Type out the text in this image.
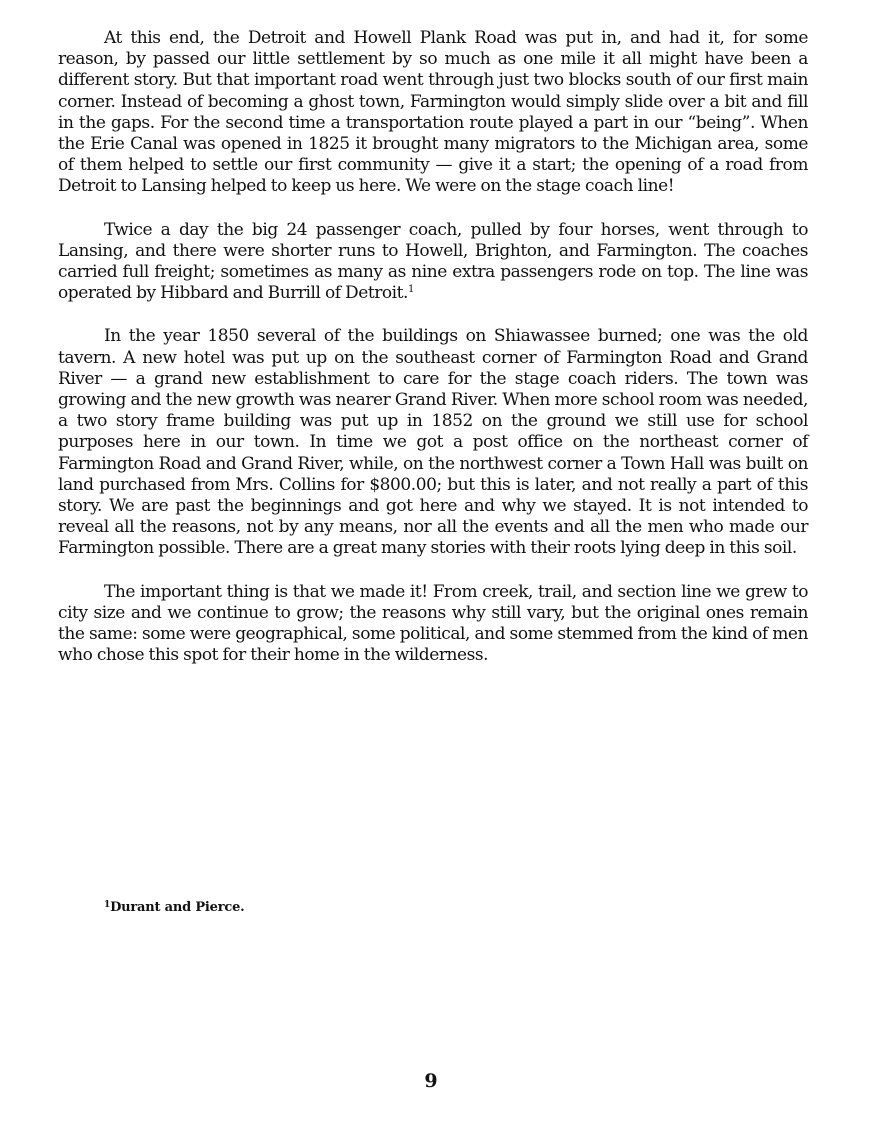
At this end, the Detroit and Howell Plank Road was put in, and had it, for some reason, by passed our little settlement by so much as one mile it all might have been a different story. But that important road went through just two blocks south of our first main corner. Instead of becoming a ghost town, Farmington would simply slide over a bit and fill in the gaps. For the second time a transportation route played a part in our “being”. When the Erie Canal was opened in 1825 it brought many migrators to the Michigan area, some of them helped to settle our first community — give it a start; the opening of a road from Detroit to Lansing helped to keep us here. We were on the stage coach line!

Twice a day the big 24 passenger coach, pulled by four horses, went through to Lansing, and there were shorter runs to Howell, Brighton, and Farmington. The coaches carried full freight; sometimes as many as nine extra passengers rode on top. The line was operated by Hibbard and Burrill of Detroit.$^1$

In the year 1850 several of the buildings on Shiawassee burned; one was the old tavern. A new hotel was put up on the southeast corner of Farmington Road and Grand River — a grand new establishment to care for the stage coach riders. The town was growing and the new growth was nearer Grand River. When more school room was needed, a two story frame building was put up in 1852 on the ground we still use for school purposes here in our town. In time we got a post office on the northeast corner of Farmington Road and Grand River, while, on the northwest corner a Town Hall was built on land purchased from Mrs. Collins for $800.00; but this is later, and not really a part of this story. We are past the beginnings and got here and why we stayed. It is not intended to reveal all the reasons, not by any means, nor all the events and all the men who made our Farmington possible. There are a great many stories with their roots lying deep in this soil.

The important thing is that we made it! From creek, trail, and section line we grew to city size and we continue to grow; the reasons why still vary, but the original ones remain the same: some were geographical, some political, and some stemmed from the kind of men who chose this spot for their home in the wilderness.

$^1$Durant and Pierce.
9
